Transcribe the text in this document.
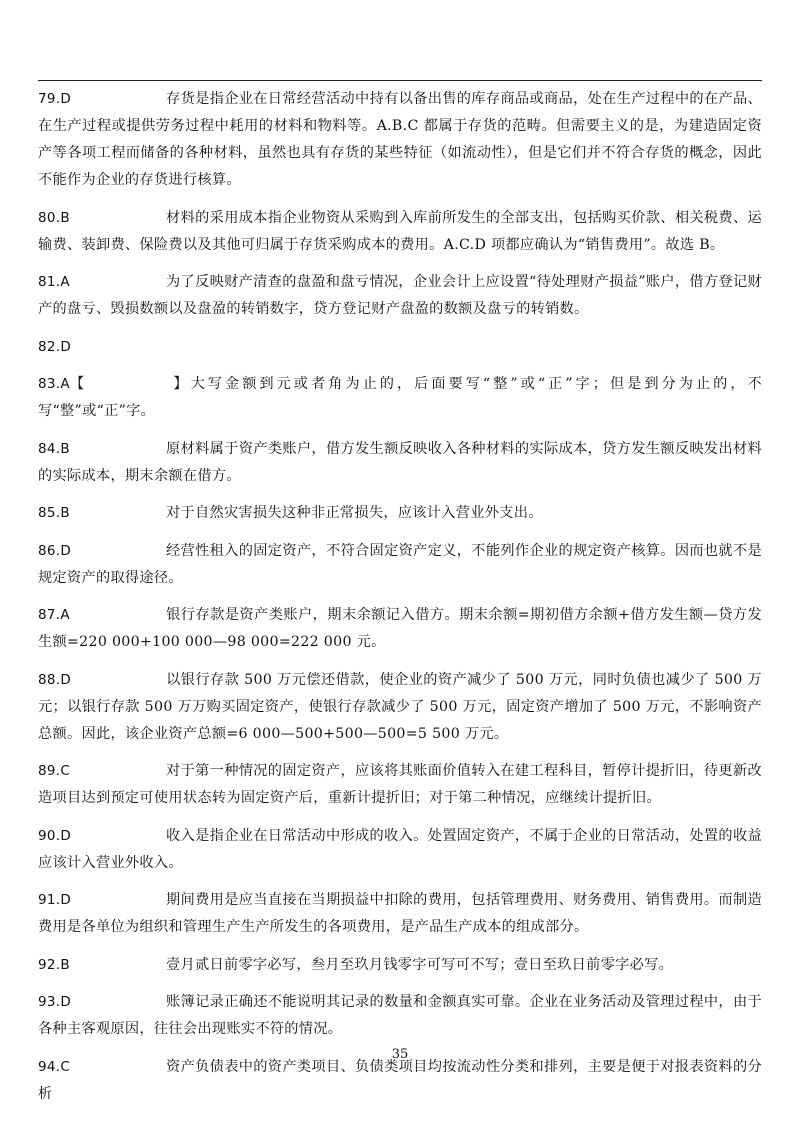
79.D	存货是指企业在日常经营活动中持有以备出售的库存商品或商品，处在生产过程中的在产品、在生产过程或提供劳务过程中耗用的材料和物料等。A.B.C 都属于存货的范畴。但需要主义的是，为建造固定资产等各项工程而储备的各种材料，虽然也具有存货的某些特征（如流动性），但是它们并不符合存货的概念，因此不能作为企业的存货进行核算。
80.B	材料的采用成本指企业物资从采购到入库前所发生的全部支出，包括购买价款、相关税费、运输费、装卸费、保险费以及其他可归属于存货采购成本的费用。A.C.D 项都应确认为“销售费用”。故选 B。
81.A	为了反映财产清查的盘盈和盘亏情况，企业会计上应设置“待处理财产损益”账户，借方登记财产的盘亏、毁损数额以及盘盈的转销数字，贷方登记财产盘盈的数额及盘亏的转销数。
82.D
83.A【	】 大写金额到元或者角为止的，后面要写“整”或“正”字；但是到分为止的，不写“整”或“正”字。
84.B	原材料属于资产类账户，借方发生额反映收入各种材料的实际成本，贷方发生额反映发出材料的实际成本，期末余额在借方。
85.B	对于自然灾害损失这种非正常损失，应该计入营业外支出。
86.D	经营性租入的固定资产，不符合固定资产定义，不能列作企业的规定资产核算。因而也就不是规定资产的取得途径。
87.A	银行存款是资产类账户，期末余额记入借方。期末余额=期初借方余额+借方发生额—贷方发生额=220 000+100 000—98 000=222 000 元。
88.D	以银行存款 500 万元偿还借款，使企业的资产减少了 500 万元，同时负债也减少了 500 万元；以银行存款 500 万万购买固定资产，使银行存款减少了 500 万元，固定资产增加了 500 万元，不影响资产总额。因此，该企业资产总额=6 000—500+500—500=5 500 万元。
89.C	对于第一种情况的固定资产，应该将其账面价值转入在建工程科目，暂停计提折旧，待更新改造项目达到预定可使用状态转为固定资产后，重新计提折旧；对于第二种情况，应继续计提折旧。
90.D	收入是指企业在日常活动中形成的收入。处置固定资产，不属于企业的日常活动，处置的收益应该计入营业外收入。
91.D	期间费用是应当直接在当期损益中扣除的费用，包括管理费用、财务费用、销售费用。而制造费用是各单位为组织和管理生产生产所发生的各项费用，是产品生产成本的组成部分。
92.B	壹月贰日前零字必写，叁月至玖月钱零字可写可不写；壹日至玖日前零字必写。
93.D	账簿记录正确还不能说明其记录的数量和金额真实可靠。企业在业务活动及管理过程中，由于各种主客观原因，往往会出现账实不符的情况。
94.C	资产负债表中的资产类项目、负债类项目均按流动性分类和排列，主要是便于对报表资料的分析
35
